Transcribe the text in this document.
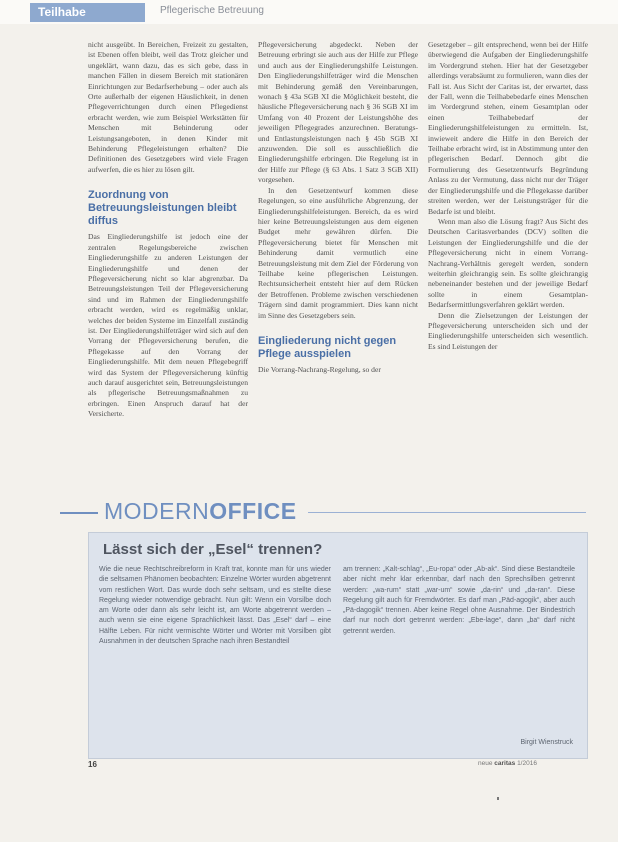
Teilhabe	Pflegerische Betreuung

nicht ausgeübt. In Bereichen, Freizeit zu gestalten, ist Ebenen offen bleibt, weil das Trotz gleicher und ungeklärt, wann dazu, das es sich gebe, dass in manchen Fällen in diesem Bereich mit stationären Einrichtungen zur Bedarfserhebung – oder auch als Orte außerhalb der eigenen Häuslichkeit, in denen Pflegeverrichtungen durch einen Pflegedienst erbracht werden, wie zum Beispiel Werkstätten für Menschen mit Behinderung oder Leistungsangeboten, in denen Kinder mit Behinderung Pflegeleistungen erhalten? Die Definitionen des Gesetzgebers wird viele Fragen aufwerfen, die es hier zu lösen gilt.

Zuordnung von Betreuungsleistungen bleibt diffus

Das Eingliederungshilfe ist jedoch eine der zentralen Regelungsbereiche zwischen Eingliederungshilfe zu anderen Leistungen der Eingliederungshilfe und denen der Pflegeversicherung nicht so klar abgrenzbar. Da Betreuungsleistungen Teil der Pflegeversicherung sind und im Rahmen der Eingliederungshilfe erbracht werden, wird es regelmäßig unklar, welches der beiden Systeme im Einzelfall zuständig ist. Der Eingliederungshilfeträger wird sich auf den Vorrang der Pflegeversicherung berufen, die Pflegekasse auf den Vorrang der Eingliederungshilfe. Mit dem neuen Pflegebegriff wird das System der Pflegeversicherung künftig auch darauf ausgerichtet sein, Betreuungsleistungen als pflegerische Betreuungsmaßnahmen zu erbringen. Einen Anspruch darauf hat der Versicherte.

Pflegeversicherung abgedeckt. Neben der Betreuung erbringt sie auch aus der Hilfe zur Pflege und auch aus der Eingliederungshilfe Leistungen. Den Eingliederungshilfeträger wird die Menschen mit Behinderung gemäß den Vereinbarungen, wonach § 43a SGB XI die Möglichkeit besteht, die häusliche Pflegeversicherung nach § 36 SGB XI im Umfang von 40 Prozent der Leistungshöhe des jeweiligen Pflegegrades anzurechnen. Beratungs- und Entlastungsleistungen nach § 45b SGB XI anzuwenden. Die soll es ausschließlich die Eingliederungshilfe erbringen. Die Regelung ist in der Hilfe zur Pflege (§ 63 Abs. 1 Satz 3 SGB XII) vorgesehen.

In den Gesetzentwurf kommen diese Regelungen, so eine ausführliche Abgrenzung, der Eingliederungshilfeleistungen. Bereich, da es wird hier keine Betreuungsleistungen aus dem eigenen Budget mehr gewähren dürfen. Die Pflegeversicherung bietet für Menschen mit Behinderung damit vermutlich eine Betreuungsleistung mit dem Ziel der Förderung von Teilhabe keine pflegerischen Leistungen. Rechtsunsicherheit entsteht hier auf dem Rücken der Betroffenen. Probleme zwischen verschiedenen Trägern sind damit programmiert. Dies kann nicht im Sinne des Gesetzgebers sein.

Eingliederung nicht gegen Pflege ausspielen

Die Vorrang-Nachrang-Regelung, so der

Gesetzgeber – gilt entsprechend, wenn bei der Hilfe überwiegend die Aufgaben der Eingliederungshilfe im Vordergrund stehen. Hier hat der Gesetzgeber allerdings verabsäumt zu formulieren, wann dies der Fall ist. Aus Sicht der Caritas ist, der erwartet, dass der Fall, wenn die Teilhabebedarfe eines Menschen im Vordergrund stehen, einem Gesamtplan oder einen Teilhabebedarf der Eingliederungshilfeleistungen zu ermitteln. Ist, inwieweit andere die Hilfe in den Bereich der Teilhabe erbracht wird, ist in Abstimmung unter den pflegerischen Bedarf. Dennoch gibt die Formulierung des Gesetzentwurfs Begründung Anlass zu der Vermutung, dass nicht nur der Träger der Eingliederungshilfe und die Pflegekasse darüber streiten werden, wer der Leistungsträger für die Bedarfe ist und bleibt.

Wenn man also die Lösung fragt? Aus Sicht des Deutschen Caritasverbandes (DCV) sollten die Leistungen der Eingliederungshilfe und die der Pflegeversicherung nicht in einem Vorrang-Nachrang-Verhältnis geregelt werden, sondern weiterhin gleichrangig sein. Es sollte gleichrangig nebeneinander bestehen und der jeweilige Bedarf sollte in einem Gesamtplan- Bedarfsermittlungsverfahren geklärt werden.

Denn die Zielsetzungen der Leistungen der Pflegeversicherung unterscheiden sich und der Eingliederungshilfe unterscheiden sich wesentlich. Es sind Leistungen der

MODERNOFFICE
Lässt sich der „Esel“ trennen?

Wie die neue Rechtschreibreform in Kraft trat, konnte man für uns wieder die seltsamen Phänomen beobachten: Einzelne Wörter wurden abgetrennt vom restlichen Wort. Das wurde doch sehr seltsam, und es stellte diese Regelung wieder notwendige gebracht. Nun gilt: Wenn ein Vorsilbe doch am Worte oder dann als sehr leicht ist, am Worte abgetrennt werden – auch wenn sie eine eigene Sprachlichkeit lässt. Das „Esel“ darf – eine Hälfte Leben. Für nicht vermischte Wörter und Wörter mit Vorsilben gibt Ausnahmen in der deutschen Sprache nach ihren Bestandteil

am trennen: „Kalt-schlag“, „Eu-ropa“ oder „Ab-ak“. Sind diese Bestandteile aber nicht mehr klar erkennbar, darf nach den Sprechsilben getrennt werden: „wa-rum“ statt „war-um“ sowie „da-rin“ und „da-ran“. Diese Regelung gilt auch für Fremdwörter. Es darf man „Päd-agogik“, aber auch „Pä-dagogik“ trennen. Aber keine Regel ohne Ausnahme. Der Bindestrich darf nur noch dort getrennt werden: „Ebe-lage“, dann „ba“ darf nicht getrennt werden.

Birgit Wienstruck
16	neue caritas 1/2016
